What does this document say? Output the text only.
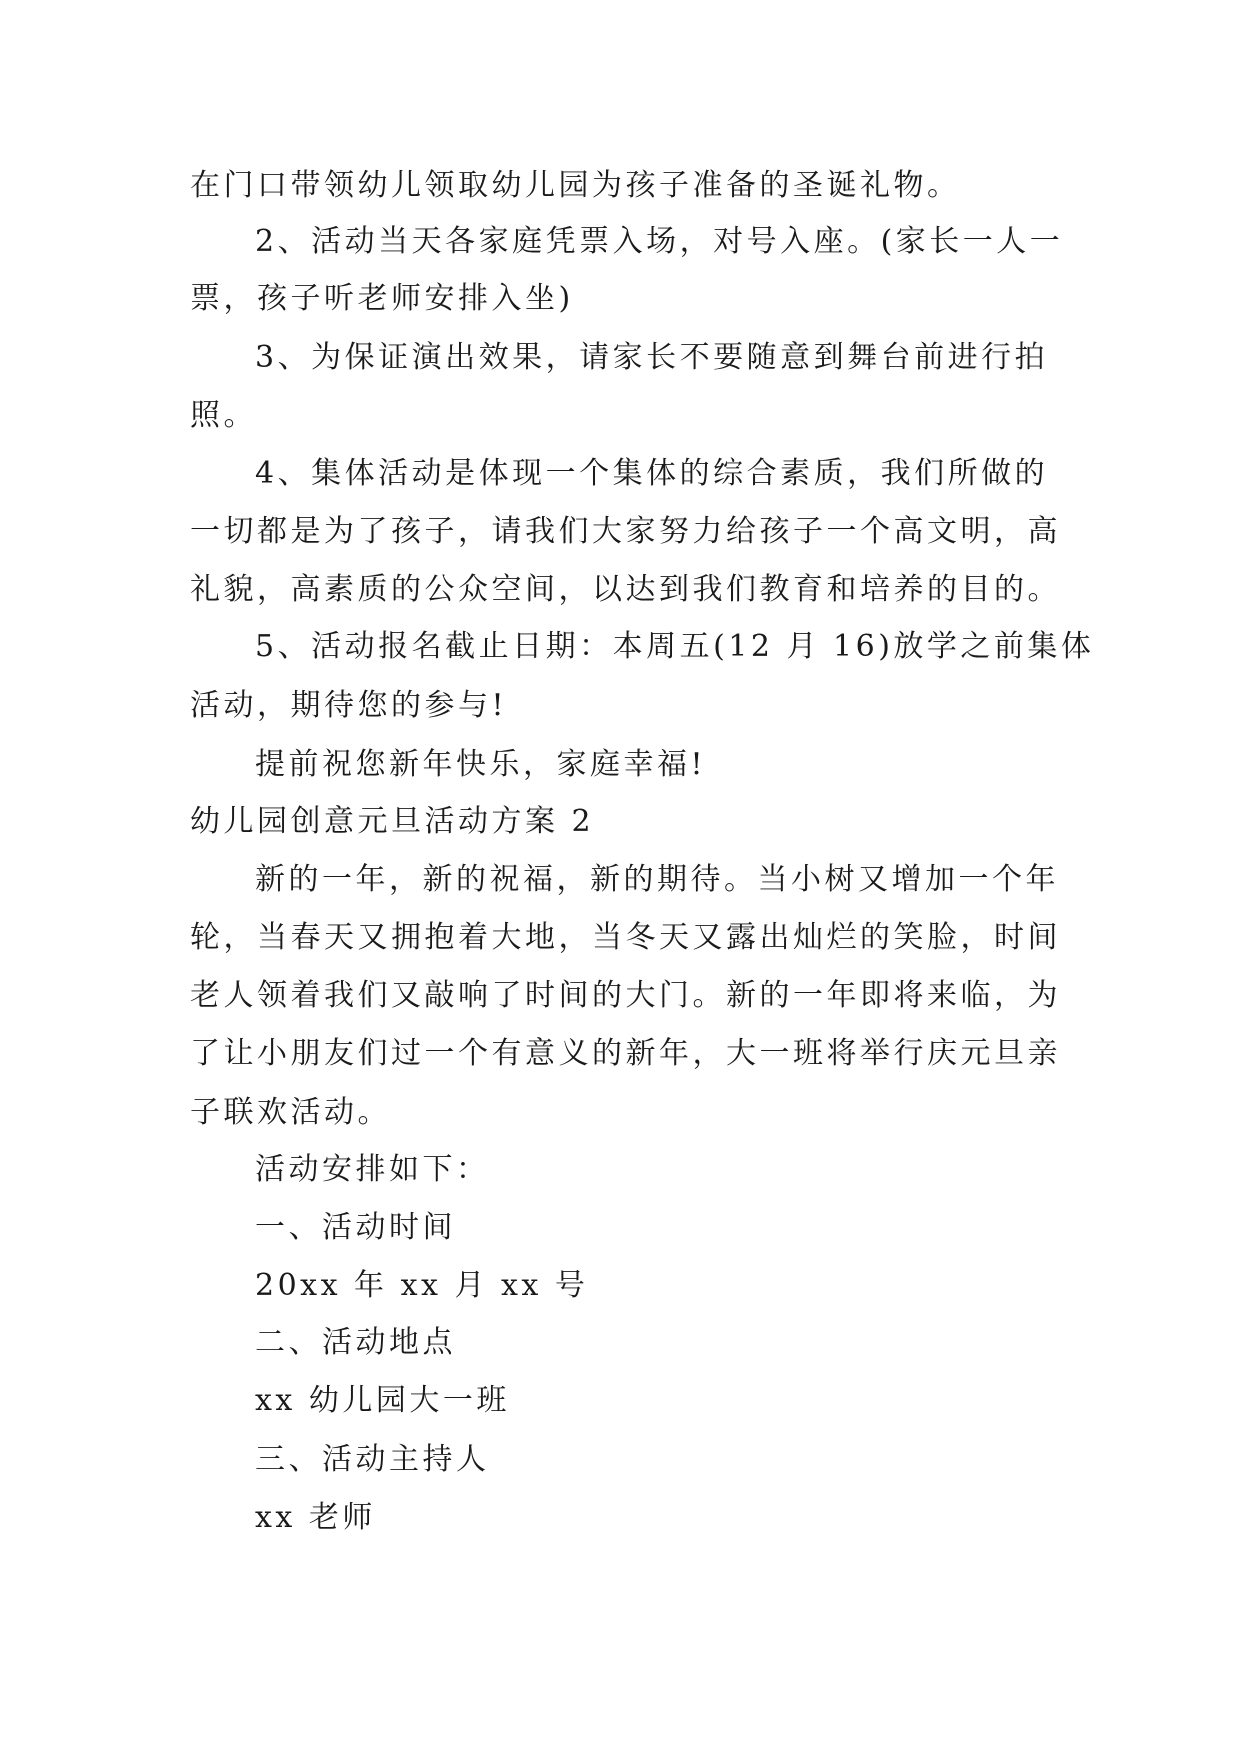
在门口带领幼儿领取幼儿园为孩子准备的圣诞礼物。
2、活动当天各家庭凭票入场，对号入座。(家长一人一
票，孩子听老师安排入坐)
3、为保证演出效果，请家长不要随意到舞台前进行拍
照。
4、集体活动是体现一个集体的综合素质，我们所做的
一切都是为了孩子，请我们大家努力给孩子一个高文明，高
礼貌，高素质的公众空间，以达到我们教育和培养的目的。
5、活动报名截止日期：本周五(12 月 16)放学之前集体
活动，期待您的参与!
提前祝您新年快乐，家庭幸福!
幼儿园创意元旦活动方案 2
新的一年，新的祝福，新的期待。当小树又增加一个年
轮，当春天又拥抱着大地，当冬天又露出灿烂的笑脸，时间
老人领着我们又敲响了时间的大门。新的一年即将来临，为
了让小朋友们过一个有意义的新年，大一班将举行庆元旦亲
子联欢活动。
活动安排如下：
一、活动时间
20xx 年 xx 月 xx 号
二、活动地点
xx 幼儿园大一班
三、活动主持人
xx 老师
